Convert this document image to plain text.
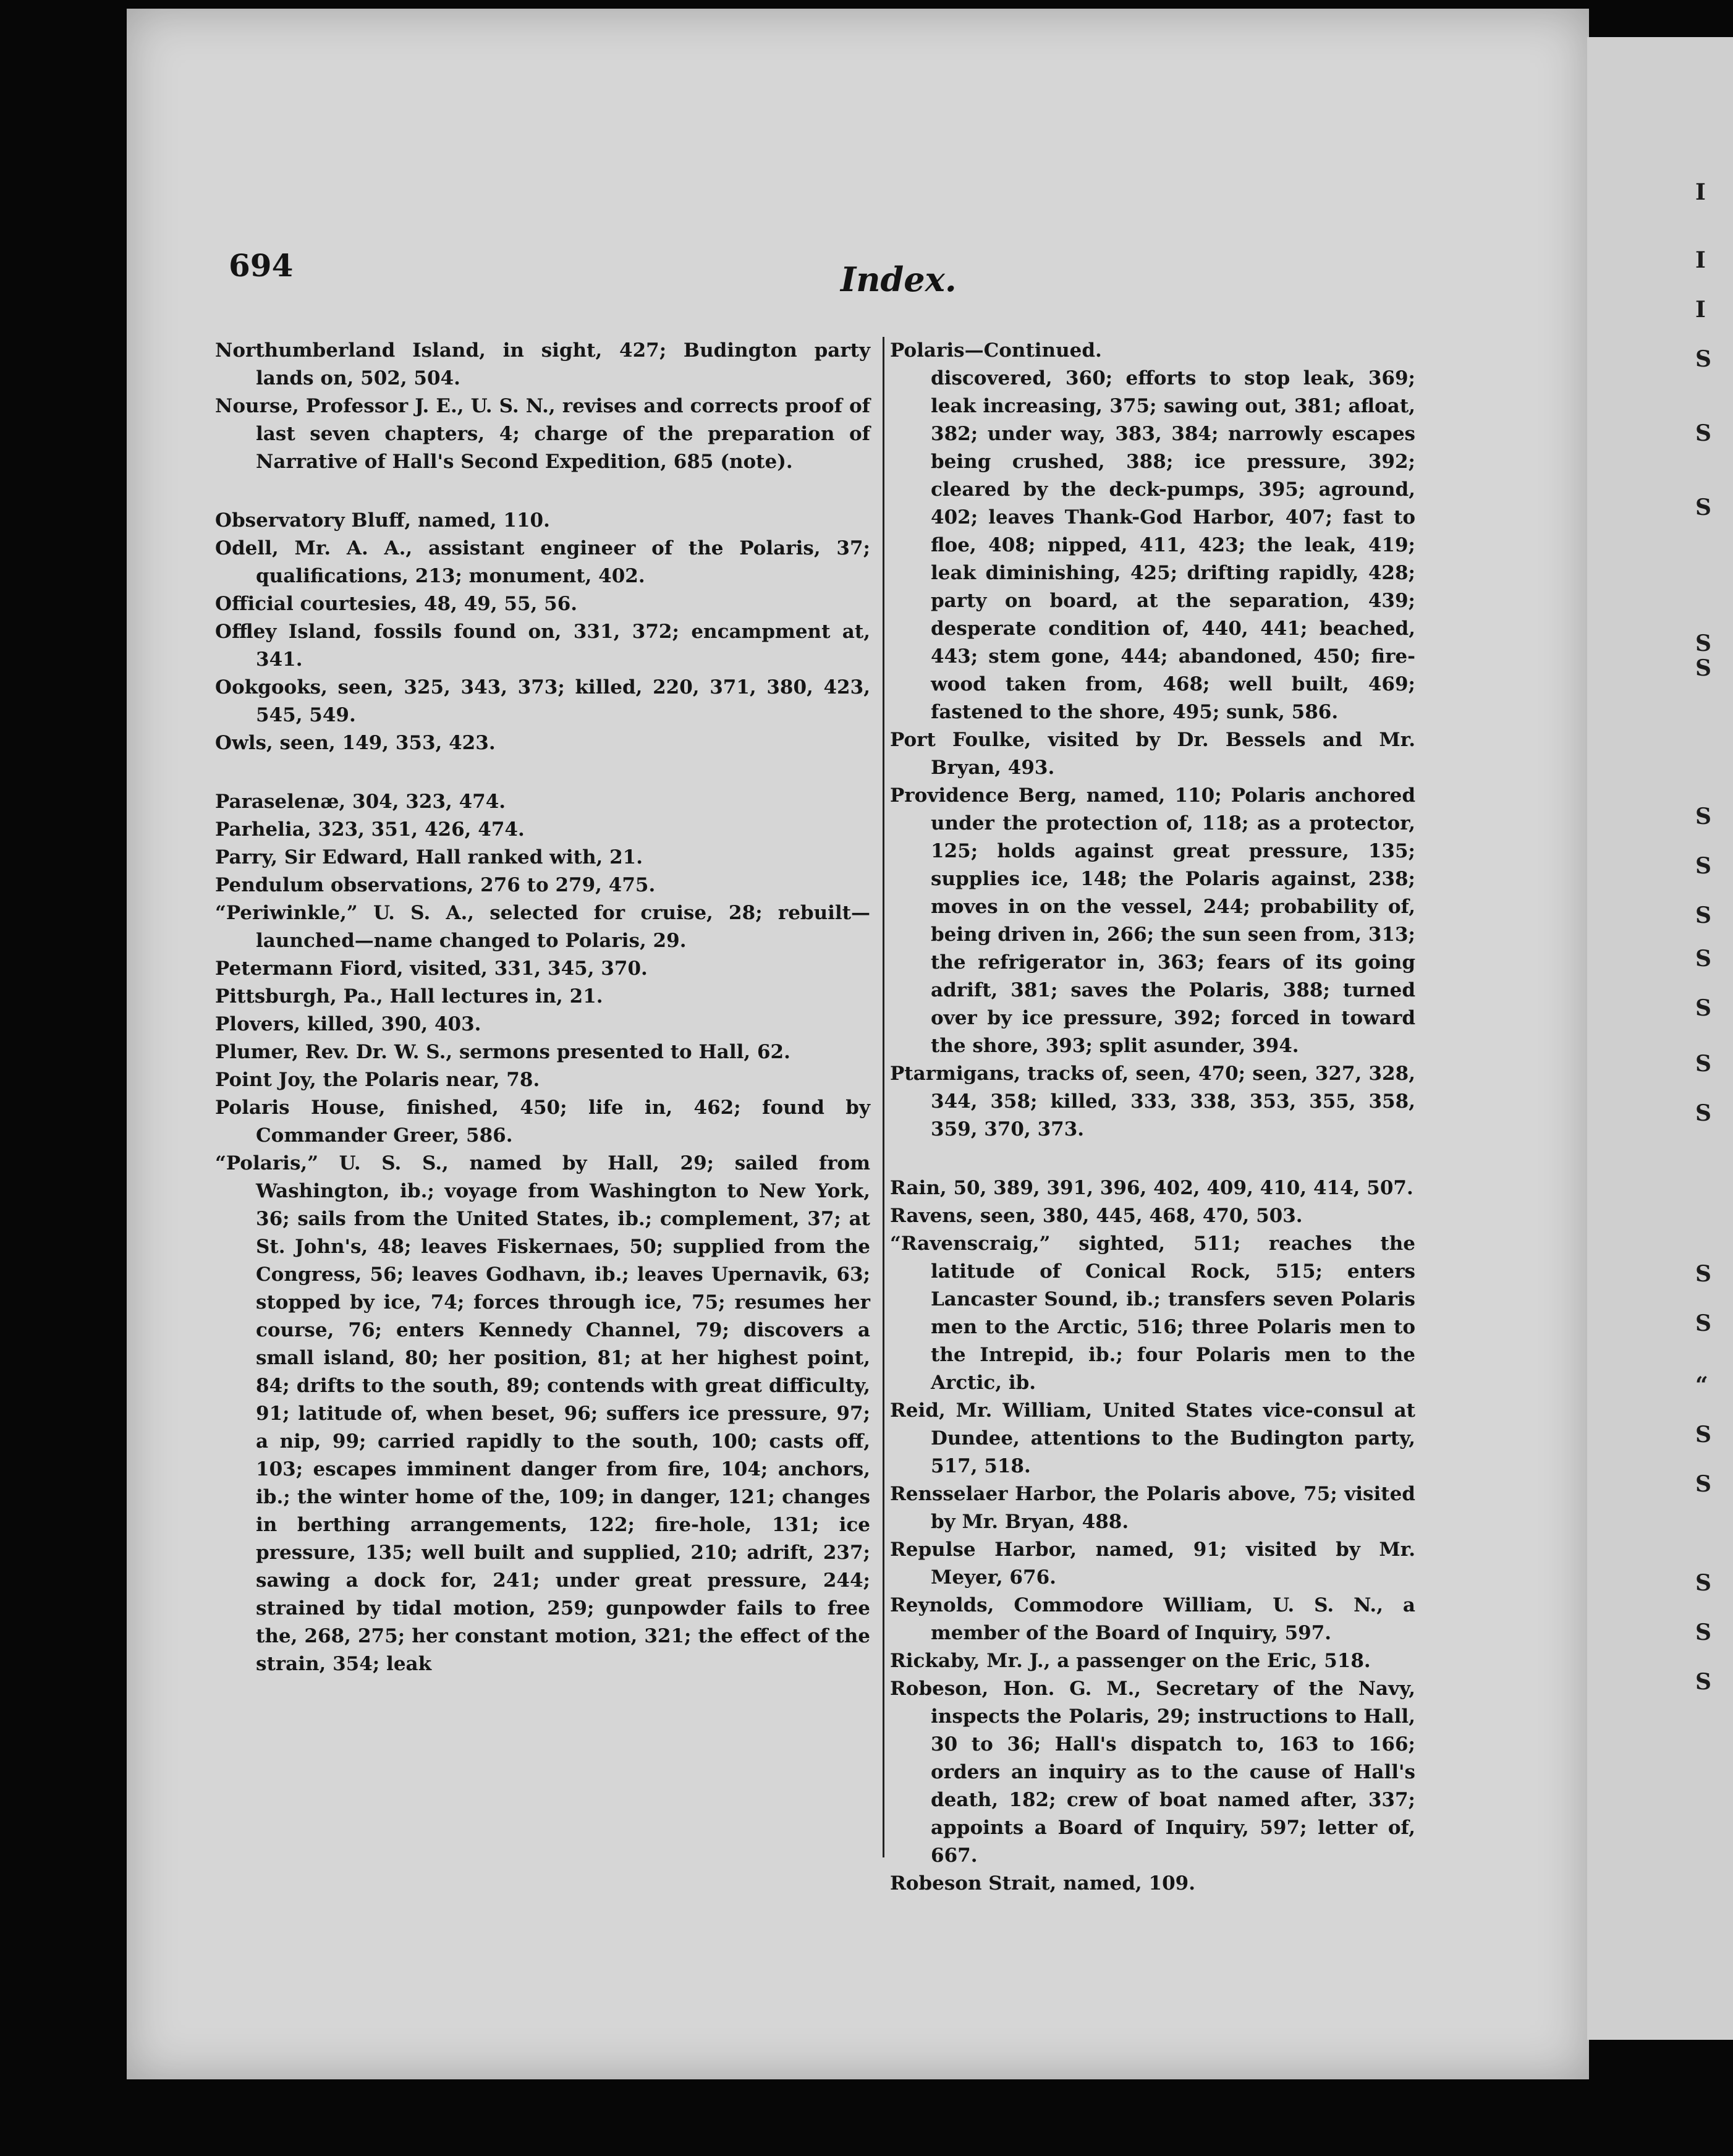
I
I
I
S
S
S
S
S
S
S
S
S
S
S
S
S
S
“
S
S
S
S
S
694	Index.
Northumberland Island, in sight, 427; Budington party lands on, 502, 504.
Nourse, Professor J. E., U. S. N., revises and corrects proof of last seven chapters, 4; charge of the preparation of Narrative of Hall's Second Expedition, 685 (note).
Observatory Bluff, named, 110.
Odell, Mr. A. A., assistant engineer of the Polaris, 37; qualifications, 213; monument, 402.
Official courtesies, 48, 49, 55, 56.
Offley Island, fossils found on, 331, 372; encampment at, 341.
Ookgooks, seen, 325, 343, 373; killed, 220, 371, 380, 423, 545, 549.
Owls, seen, 149, 353, 423.
Paraselenæ, 304, 323, 474.
Parhelia, 323, 351, 426, 474.
Parry, Sir Edward, Hall ranked with, 21.
Pendulum observations, 276 to 279, 475.
“Periwinkle,” U. S. A., selected for cruise, 28; rebuilt—launched—name changed to Polaris, 29.
Petermann Fiord, visited, 331, 345, 370.
Pittsburgh, Pa., Hall lectures in, 21.
Plovers, killed, 390, 403.
Plumer, Rev. Dr. W. S., sermons presented to Hall, 62.
Point Joy, the Polaris near, 78.
Polaris House, finished, 450; life in, 462; found by Commander Greer, 586.
“Polaris,” U. S. S., named by Hall, 29; sailed from Washington, ib.; voyage from Washington to New York, 36; sails from the United States, ib.; complement, 37; at St. John's, 48; leaves Fiskernaes, 50; supplied from the Congress, 56; leaves Godhavn, ib.; leaves Upernavik, 63; stopped by ice, 74; forces through ice, 75; resumes her course, 76; enters Kennedy Channel, 79; discovers a small island, 80; her position, 81; at her highest point, 84; drifts to the south, 89; contends with great difficulty, 91; latitude of, when beset, 96; suffers ice pressure, 97; a nip, 99; carried rapidly to the south, 100; casts off, 103; escapes imminent danger from fire, 104; anchors, ib.; the winter home of the, 109; in danger, 121; changes in berthing arrangements, 122; fire-hole, 131; ice pressure, 135; well built and supplied, 210; adrift, 237; sawing a dock for, 241; under great pressure, 244; strained by tidal motion, 259; gunpowder fails to free the, 268, 275; her constant motion, 321; the effect of the strain, 354; leak
Polaris—Continued.
discovered, 360; efforts to stop leak, 369; leak increasing, 375; sawing out, 381; afloat, 382; under way, 383, 384; narrowly escapes being crushed, 388; ice pressure, 392; cleared by the deck-pumps, 395; aground, 402; leaves Thank-God Harbor, 407; fast to floe, 408; nipped, 411, 423; the leak, 419; leak diminishing, 425; drifting rapidly, 428; party on board, at the separation, 439; desperate condition of, 440, 441; beached, 443; stem gone, 444; abandoned, 450; fire-wood taken from, 468; well built, 469; fastened to the shore, 495; sunk, 586.
Port Foulke, visited by Dr. Bessels and Mr. Bryan, 493.
Providence Berg, named, 110; Polaris anchored under the protection of, 118; as a protector, 125; holds against great pressure, 135; supplies ice, 148; the Polaris against, 238; moves in on the vessel, 244; probability of, being driven in, 266; the sun seen from, 313; the refrigerator in, 363; fears of its going adrift, 381; saves the Polaris, 388; turned over by ice pressure, 392; forced in toward the shore, 393; split asunder, 394.
Ptarmigans, tracks of, seen, 470; seen, 327, 328, 344, 358; killed, 333, 338, 353, 355, 358, 359, 370, 373.
Rain, 50, 389, 391, 396, 402, 409, 410, 414, 507.
Ravens, seen, 380, 445, 468, 470, 503.
“Ravenscraig,” sighted, 511; reaches the latitude of Conical Rock, 515; enters Lancaster Sound, ib.; transfers seven Polaris men to the Arctic, 516; three Polaris men to the Intrepid, ib.; four Polaris men to the Arctic, ib.
Reid, Mr. William, United States vice-consul at Dundee, attentions to the Budington party, 517, 518.
Rensselaer Harbor, the Polaris above, 75; visited by Mr. Bryan, 488.
Repulse Harbor, named, 91; visited by Mr. Meyer, 676.
Reynolds, Commodore William, U. S. N., a member of the Board of Inquiry, 597.
Rickaby, Mr. J., a passenger on the Eric, 518.
Robeson, Hon. G. M., Secretary of the Navy, inspects the Polaris, 29; instructions to Hall, 30 to 36; Hall's dispatch to, 163 to 166; orders an inquiry as to the cause of Hall's death, 182; crew of boat named after, 337; appoints a Board of Inquiry, 597; letter of, 667.
Robeson Strait, named, 109.
